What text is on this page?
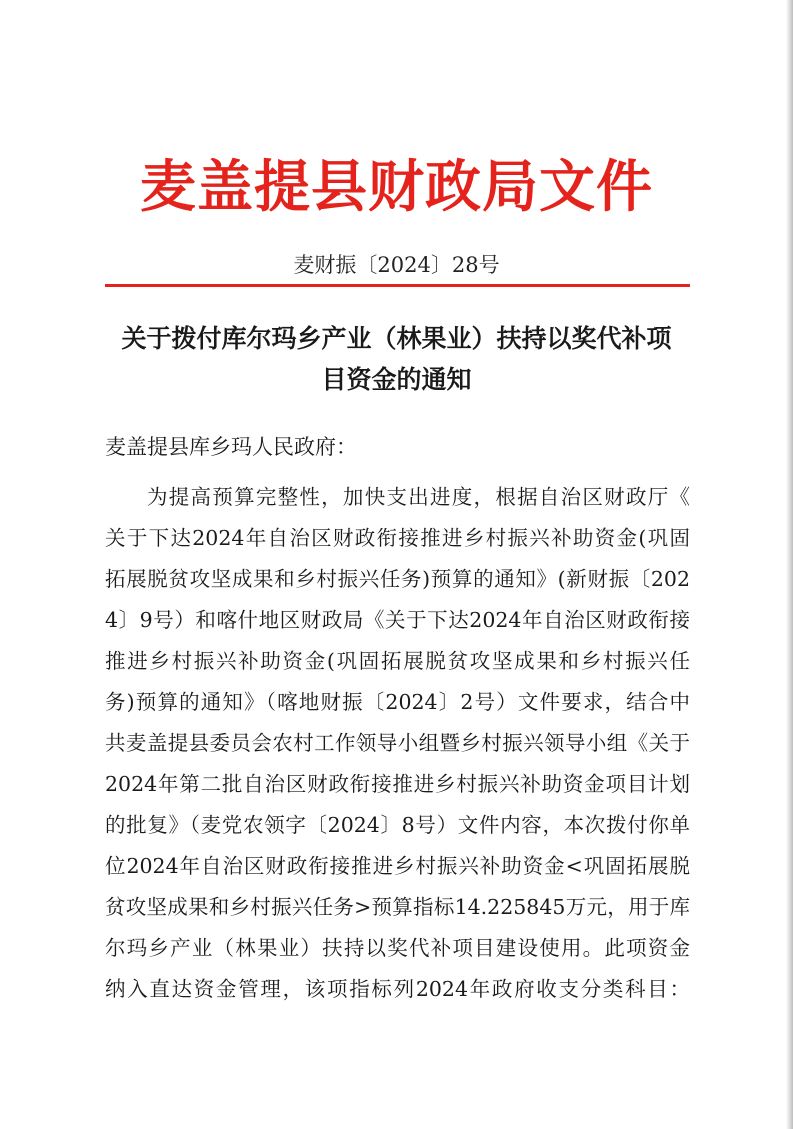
麦盖提县财政局文件
麦财振〔2024〕28号
关于拨付库尔玛乡产业（林果业）扶持以奖代补项
目资金的通知
麦盖提县库乡玛人民政府：
为提高预算完整性，加快支出进度，根据自治区财政厅《
关于下达2024年自治区财政衔接推进乡村振兴补助资金(巩固
拓展脱贫攻坚成果和乡村振兴任务)预算的通知》(新财振〔202
4〕9号）和喀什地区财政局《关于下达2024年自治区财政衔接
推进乡村振兴补助资金(巩固拓展脱贫攻坚成果和乡村振兴任
务)预算的通知》（喀地财振〔2024〕2号）文件要求，结合中
共麦盖提县委员会农村工作领导小组暨乡村振兴领导小组《关于
2024年第二批自治区财政衔接推进乡村振兴补助资金项目计划
的批复》（麦党农领字〔2024〕8号）文件内容，本次拨付你单
位2024年自治区财政衔接推进乡村振兴补助资金<巩固拓展脱
贫攻坚成果和乡村振兴任务>预算指标14.225845万元，用于库
尔玛乡产业（林果业）扶持以奖代补项目建设使用。此项资金
纳入直达资金管理，该项指标列2024年政府收支分类科目：
